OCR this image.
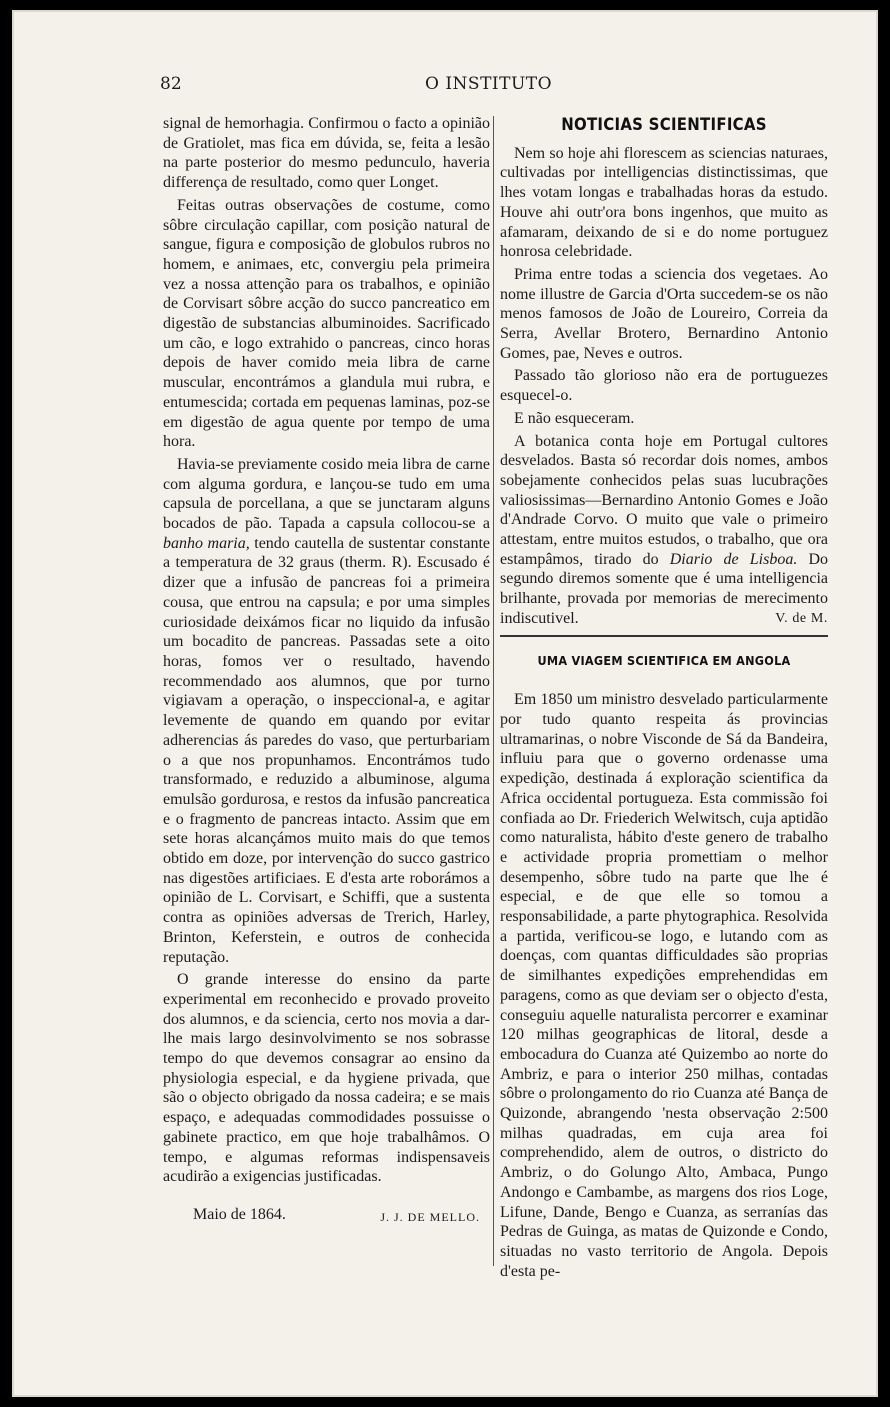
82	O INSTITUTO

signal de hemorhagia. Confirmou o facto a opinião de Gratiolet, mas fica em dúvida, se, feita a lesão na parte posterior do mesmo pedunculo, haveria differença de resultado, como quer Longet.

Feitas outras observações de costume, como sôbre circulação capillar, com posição natural de sangue, figura e composição de globulos rubros no homem, e animaes, etc, convergiu pela primeira vez a nossa attenção para os trabalhos, e opinião de Corvisart sôbre acção do succo pancreatico em digestão de substancias albuminoides. Sacrificado um cão, e logo extrahido o pancreas, cinco horas depois de haver comido meia libra de carne muscular, encontrámos a glandula mui rubra, e entumescida; cortada em pequenas laminas, poz-se em digestão de agua quente por tempo de uma hora.

Havia-se previamente cosido meia libra de carne com alguma gordura, e lançou-se tudo em uma capsula de porcellana, a que se junctaram alguns bocados de pão. Tapada a capsula collocou-se a banho maria, tendo cautella de sustentar constante a temperatura de 32 graus (therm. R). Escusado é dizer que a infusão de pancreas foi a primeira cousa, que entrou na capsula; e por uma simples curiosidade deixámos ficar no liquido da infusão um bocadito de pancreas. Passadas sete a oito horas, fomos ver o resultado, havendo recommendado aos alumnos, que por turno vigiavam a operação, o inspeccional-a, e agitar levemente de quando em quando por evitar adherencias ás paredes do vaso, que perturbariam o a que nos propunhamos. Encontrámos tudo transformado, e reduzido a albuminose, alguma emulsão gordurosa, e restos da infusão pancreatica e o fragmento de pancreas intacto. Assim que em sete horas alcançámos muito mais do que temos obtido em doze, por intervenção do succo gastrico nas digestões artificiaes. E d'esta arte roborámos a opinião de L. Corvisart, e Schiffi, que a sustenta contra as opiniões adversas de Trerich, Harley, Brinton, Keferstein, e outros de conhecida reputação.

O grande interesse do ensino da parte experimental em reconhecido e provado proveito dos alumnos, e da sciencia, certo nos movia a dar-lhe mais largo desinvolvimento se nos sobrasse tempo do que devemos consagrar ao ensino da physiologia especial, e da hygiene privada, que são o objecto obrigado da nossa cadeira; e se mais espaço, e adequadas commodidades possuisse o gabinete practico, em que hoje trabalhâmos. O tempo, e algumas reformas indispensaveis acudirão a exigencias justificadas.

Maio de 1864.	J. J. DE MELLO.
NOTICIAS SCIENTIFICAS

Nem so hoje ahi florescem as sciencias naturaes, cultivadas por intelligencias distinctissimas, que lhes votam longas e trabalhadas horas da estudo. Houve ahi outr'ora bons ingenhos, que muito as afamaram, deixando de si e do nome portuguez honrosa celebridade.

Prima entre todas a sciencia dos vegetaes. Ao nome illustre de Garcia d'Orta succedem-se os não menos famosos de João de Loureiro, Correia da Serra, Avellar Brotero, Bernardino Antonio Gomes, pae, Neves e outros.

Passado tão glorioso não era de portuguezes esquecel-o.

E não esqueceram.

A botanica conta hoje em Portugal cultores desvelados. Basta só recordar dois nomes, ambos sobejamente conhecidos pelas suas lucubrações valiosissimas—Bernardino Antonio Gomes e João d'Andrade Corvo. O muito que vale o primeiro attestam, entre muitos estudos, o trabalho, que ora estampâmos, tirado do Diario de Lisboa. Do segundo diremos somente que é uma intelligencia brilhante, provada por memorias de merecimento indiscutivel.	V. de M.

UMA VIAGEM SCIENTIFICA EM ANGOLA

Em 1850 um ministro desvelado particularmente por tudo quanto respeita ás provincias ultramarinas, o nobre Visconde de Sá da Bandeira, influiu para que o governo ordenasse uma expedição, destinada á exploração scientifica da Africa occidental portugueza. Esta commissão foi confiada ao Dr. Friederich Welwitsch, cuja aptidão como naturalista, hábito d'este genero de trabalho e actividade propria promettiam o melhor desempenho, sôbre tudo na parte que lhe é especial, e de que elle so tomou a responsabilidade, a parte phytographica. Resolvida a partida, verificou-se logo, e lutando com as doenças, com quantas difficuldades são proprias de similhantes expedições emprehendidas em paragens, como as que deviam ser o objecto d'esta, conseguiu aquelle naturalista percorrer e examinar 120 milhas geographicas de litoral, desde a embocadura do Cuanza até Quizembo ao norte do Ambriz, e para o interior 250 milhas, contadas sôbre o prolongamento do rio Cuanza até Bança de Quizonde, abrangendo 'nesta observação 2:500 milhas quadradas, em cuja area foi comprehendido, alem de outros, o districto do Ambriz, o do Golungo Alto, Ambaca, Pungo Andongo e Cambambe, as margens dos rios Loge, Lifune, Dande, Bengo e Cuanza, as serranías das Pedras de Guinga, as matas de Quizonde e Condo, situadas no vasto territorio de Angola. Depois d'esta pe-
